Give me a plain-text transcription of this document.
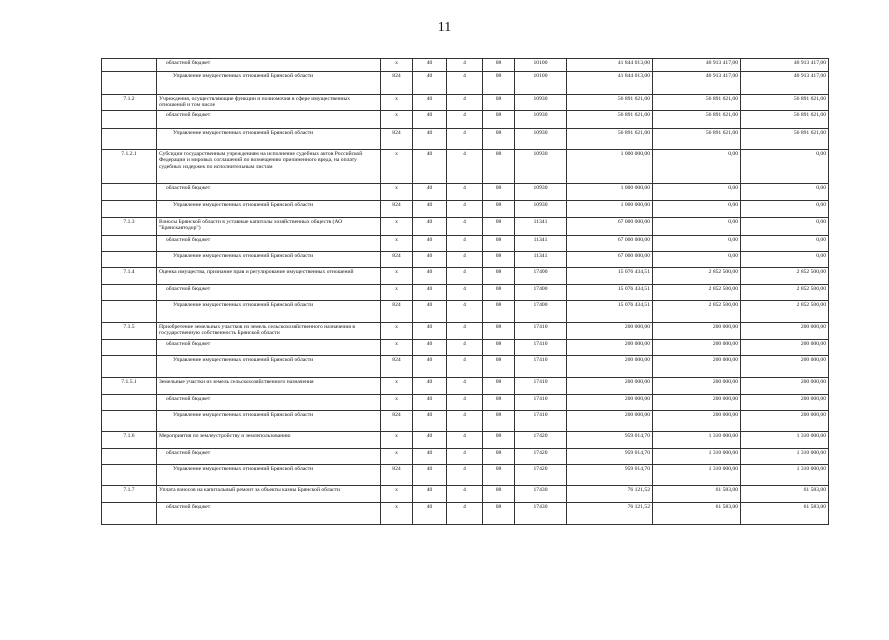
11
	областной бюджет	х	40	4	08	10100	41 844 013,00	40 913 417,00	40 913 417,00
	Управление имущественных отношений Брянской области	824	40	4	08	10100	41 844 013,00	40 913 417,00	40 913 417,00
7.1.2	Учреждения, осуществляющие функции и полномочия в сфере имущественных отношений и том числе	х	40	4	08	10930	56 891 621,00	56 891 621,00	56 891 621,00
	областной бюджет	х	40	4	08	10930	56 891 621,00	56 891 621,00	56 891 621,00
	Управление имущественных отношений Брянской области	824	40	4	08	10930	56 891 621,00	56 891 621,00	56 891 621,00
7.1.2.1	Субсидии государственным учреждениям на исполнение судебных актов Российской Федерации и мировых соглашений по возмещению причиненного вреда, на оплату судебных издержек по исполнительным листам	х	40	4	08	10930	1 000 000,00	0,00	0,00
	областной бюджет	х	40	4	08	10930	1 000 000,00	0,00	0,00
	Управление имущественных отношений Брянской области	824	40	4	08	10930	1 000 000,00	0,00	0,00
7.1.3	Взносы Брянской области в уставные капиталы хозяйственных обществ (АО "Брянскавтодор")	х	40	4	08	11341	67 000 000,00	0,00	0,00
	областной бюджет	х	40	4	08	11341	67 000 000,00	0,00	0,00
	Управление имущественных отношений Брянской области	824	40	4	08	11341	67 000 000,00	0,00	0,00
7.1.4	Оценка имущества, признание прав и регулирование имущественных отношений	х	40	4	08	17400	15 076 434,51	2 852 500,00	2 852 500,00
	областной бюджет	х	40	4	08	17400	15 076 434,51	2 852 500,00	2 852 500,00
	Управление имущественных отношений Брянской области	824	40	4	08	17400	15 076 434,51	2 852 500,00	2 852 500,00
7.1.5	Приобретение земельных участков из земель сельскохозяйственного назначения в государственную собственность Брянской области	х	40	4	08	17410	200 000,00	200 000,00	200 000,00
	областной бюджет	х	40	4	08	17410	200 000,00	200 000,00	200 000,00
	Управление имущественных отношений Брянской области	824	40	4	08	17410	200 000,00	200 000,00	200 000,00
7.1.5.1	Земельные участки из земель сельскохозяйственного назначения	х	40	4	08	17410	200 000,00	200 000,00	200 000,00
	областной бюджет	х	40	4	08	17410	200 000,00	200 000,00	200 000,00
	Управление имущественных отношений Брянской области	824	40	4	08	17410	200 000,00	200 000,00	200 000,00
7.1.6	Мероприятия по землеустройству и землепользованию	х	40	4	08	17420	959 014,70	1 310 000,00	1 310 000,00
	областной бюджет	х	40	4	08	17420	959 014,70	1 310 000,00	1 310 000,00
	Управление имущественных отношений Брянской области	824	40	4	08	17420	959 014,70	1 310 000,00	1 310 000,00
7.1.7	Уплата взносов на капитальный ремонт за объекты казны Брянской области	х	40	4	08	17430	76 121,52	61 583,00	61 583,00
	областной бюджет	х	40	4	08	17430	76 121,52	61 583,00	61 583,00
